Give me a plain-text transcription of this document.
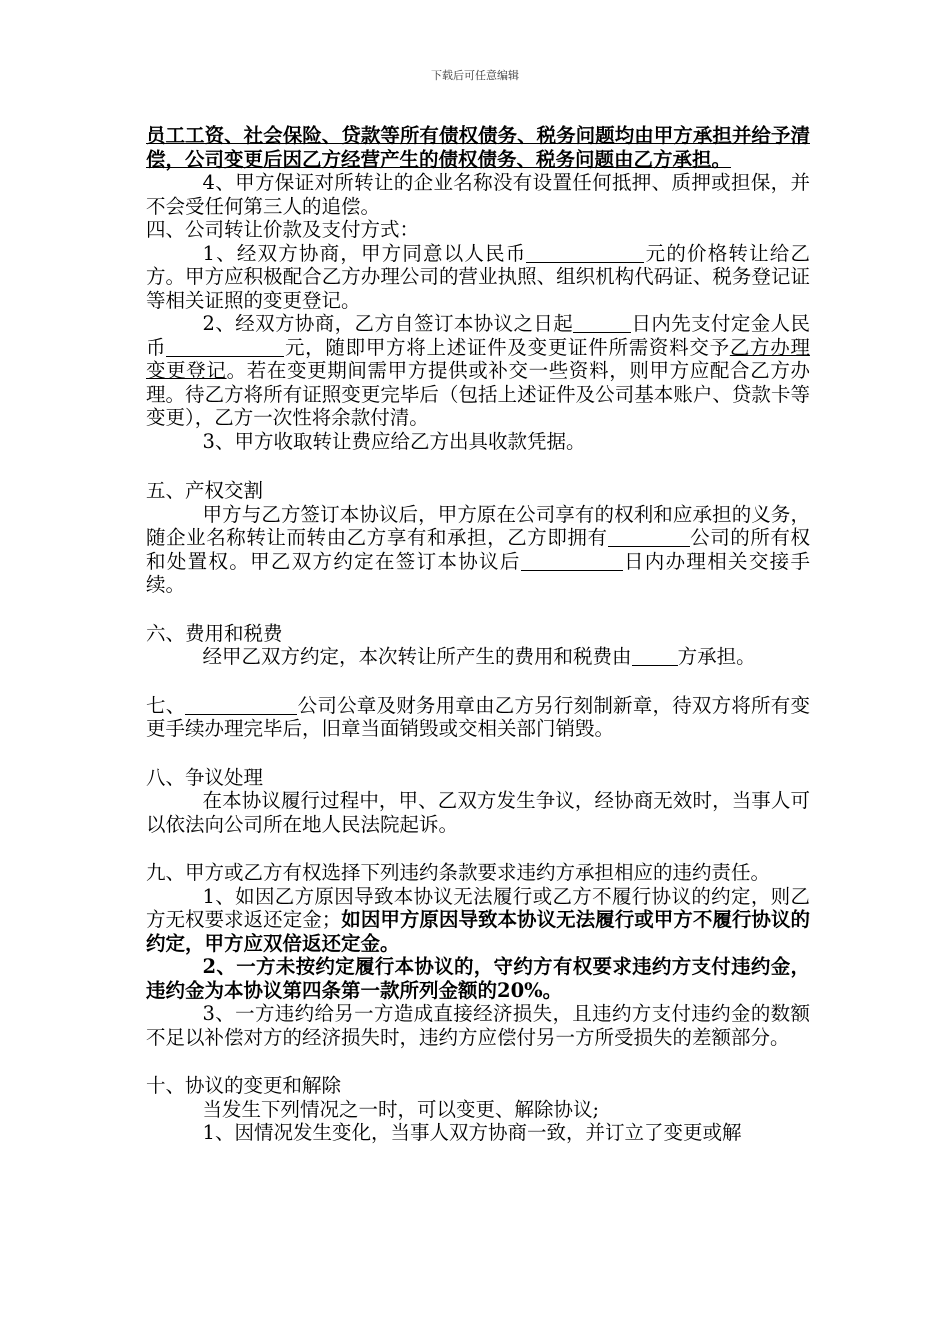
下载后可任意编辑

员工工资、社会保险、贷款等所有债权债务、税务问题均由甲方承担并给予清偿，公司变更后因乙方经营产生的债权债务、税务问题由乙方承担。

4、甲方保证对所转让的企业名称没有设置任何抵押、质押或担保，并不会受任何第三人的追偿。

四、公司转让价款及支付方式：

1、经双方协商，甲方同意以人民币	元的价格转让给乙方。甲方应积极配合乙方办理公司的营业执照、组织机构代码证、税务登记证等相关证照的变更登记。

2、经双方协商，乙方自签订本协议之日起	日内先支付定金人民币	元，随即甲方将上述证件及变更证件所需资料交予乙方办理变更登记。若在变更期间需甲方提供或补交一些资料，则甲方应配合乙方办理。待乙方将所有证照变更完毕后（包括上述证件及公司基本账户、贷款卡等变更），乙方一次性将余款付清。

3、甲方收取转让费应给乙方出具收款凭据。

五、产权交割

甲方与乙方签订本协议后，甲方原在公司享有的权利和应承担的义务，随企业名称转让而转由乙方享有和承担，乙方即拥有	公司的所有权和处置权。甲乙双方约定在签订本协议后	日内办理相关交接手续。

六、费用和税费

经甲乙双方约定，本次转让所产生的费用和税费由 方承担。

七、	公司公章及财务用章由乙方另行刻制新章，待双方将所有变更手续办理完毕后，旧章当面销毁或交相关部门销毁。

八、争议处理

在本协议履行过程中，甲、乙双方发生争议，经协商无效时，当事人可以依法向公司所在地人民法院起诉。

九、甲方或乙方有权选择下列违约条款要求违约方承担相应的违约责任。

1、如因乙方原因导致本协议无法履行或乙方不履行协议的约定，则乙方无权要求返还定金；如因甲方原因导致本协议无法履行或甲方不履行协议的约定，甲方应双倍返还定金。

2、一方未按约定履行本协议的，守约方有权要求违约方支付违约金，违约金为本协议第四条第一款所列金额的20%。

3、一方违约给另一方造成直接经济损失，且违约方支付违约金的数额不足以补偿对方的经济损失时，违约方应偿付另一方所受损失的差额部分。

十、协议的变更和解除

当发生下列情况之一时，可以变更、解除协议;

1、因情况发生变化，当事人双方协商一致，并订立了变更或解
